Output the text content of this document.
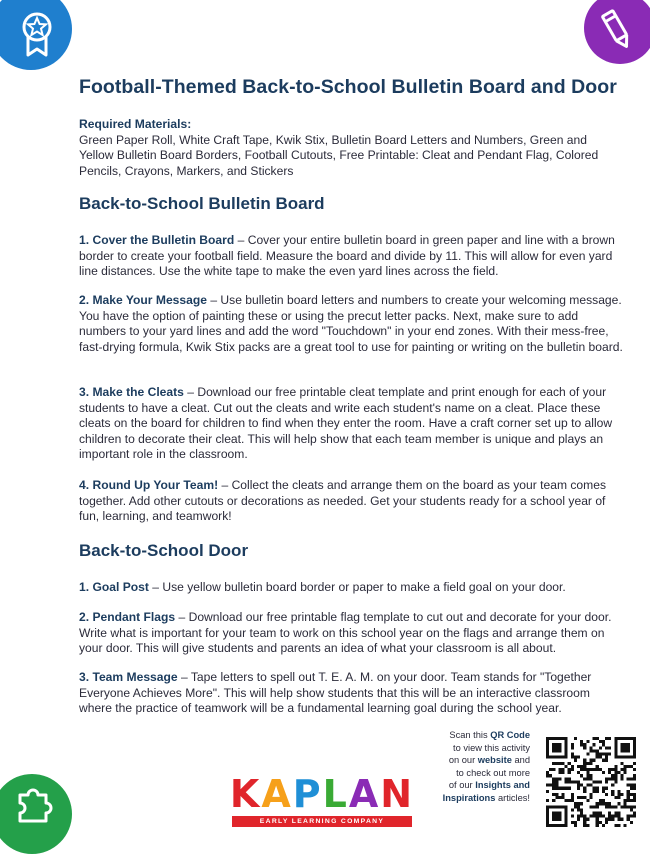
Football-Themed Back-to-School Bulletin Board and Door
Required Materials:
Green Paper Roll, White Craft Tape, Kwik Stix, Bulletin Board Letters and Numbers, Green and Yellow Bulletin Board Borders, Football Cutouts, Free Printable: Cleat and Pendant Flag, Colored Pencils, Crayons, Markers, and Stickers
Back-to-School Bulletin Board

1. Cover the Bulletin Board – Cover your entire bulletin board in green paper and line with a brown border to create your football field. Measure the board and divide by 11. This will allow for even yard line distances. Use the white tape to make the even yard lines across the field.

2. Make Your Message – Use bulletin board letters and numbers to create your welcoming message. You have the option of painting these or using the precut letter packs. Next, make sure to add numbers to your yard lines and add the word "Touchdown" in your end zones. With their mess-free, fast-drying formula, Kwik Stix packs are a great tool to use for painting or writing on the bulletin board.

3. Make the Cleats – Download our free printable cleat template and print enough for each of your students to have a cleat. Cut out the cleats and write each student's name on a cleat. Place these cleats on the board for children to find when they enter the room. Have a craft corner set up to allow children to decorate their cleat. This will help show that each team member is unique and plays an important role in the classroom.

4. Round Up Your Team! – Collect the cleats and arrange them on the board as your team comes together. Add other cutouts or decorations as needed. Get your students ready for a school year of fun, learning, and teamwork!

Back-to-School Door

1. Goal Post – Use yellow bulletin board border or paper to make a field goal on your door.

2. Pendant Flags – Download our free printable flag template to cut out and decorate for your door. Write what is important for your team to work on this school year on the flags and arrange them on your door. This will give students and parents an idea of what your classroom is all about.

3. Team Message – Tape letters to spell out T. E. A. M. on your door. Team stands for "Together Everyone Achieves More". This will help show students that this will be an interactive classroom where the practice of teamwork will be a fundamental learning goal during the school year.

Scan this QR Code
to view this activity
on our website and
to check out more
of our Insights and
Inspirations articles!
K A P L A N
EARLY LEARNING COMPANY
